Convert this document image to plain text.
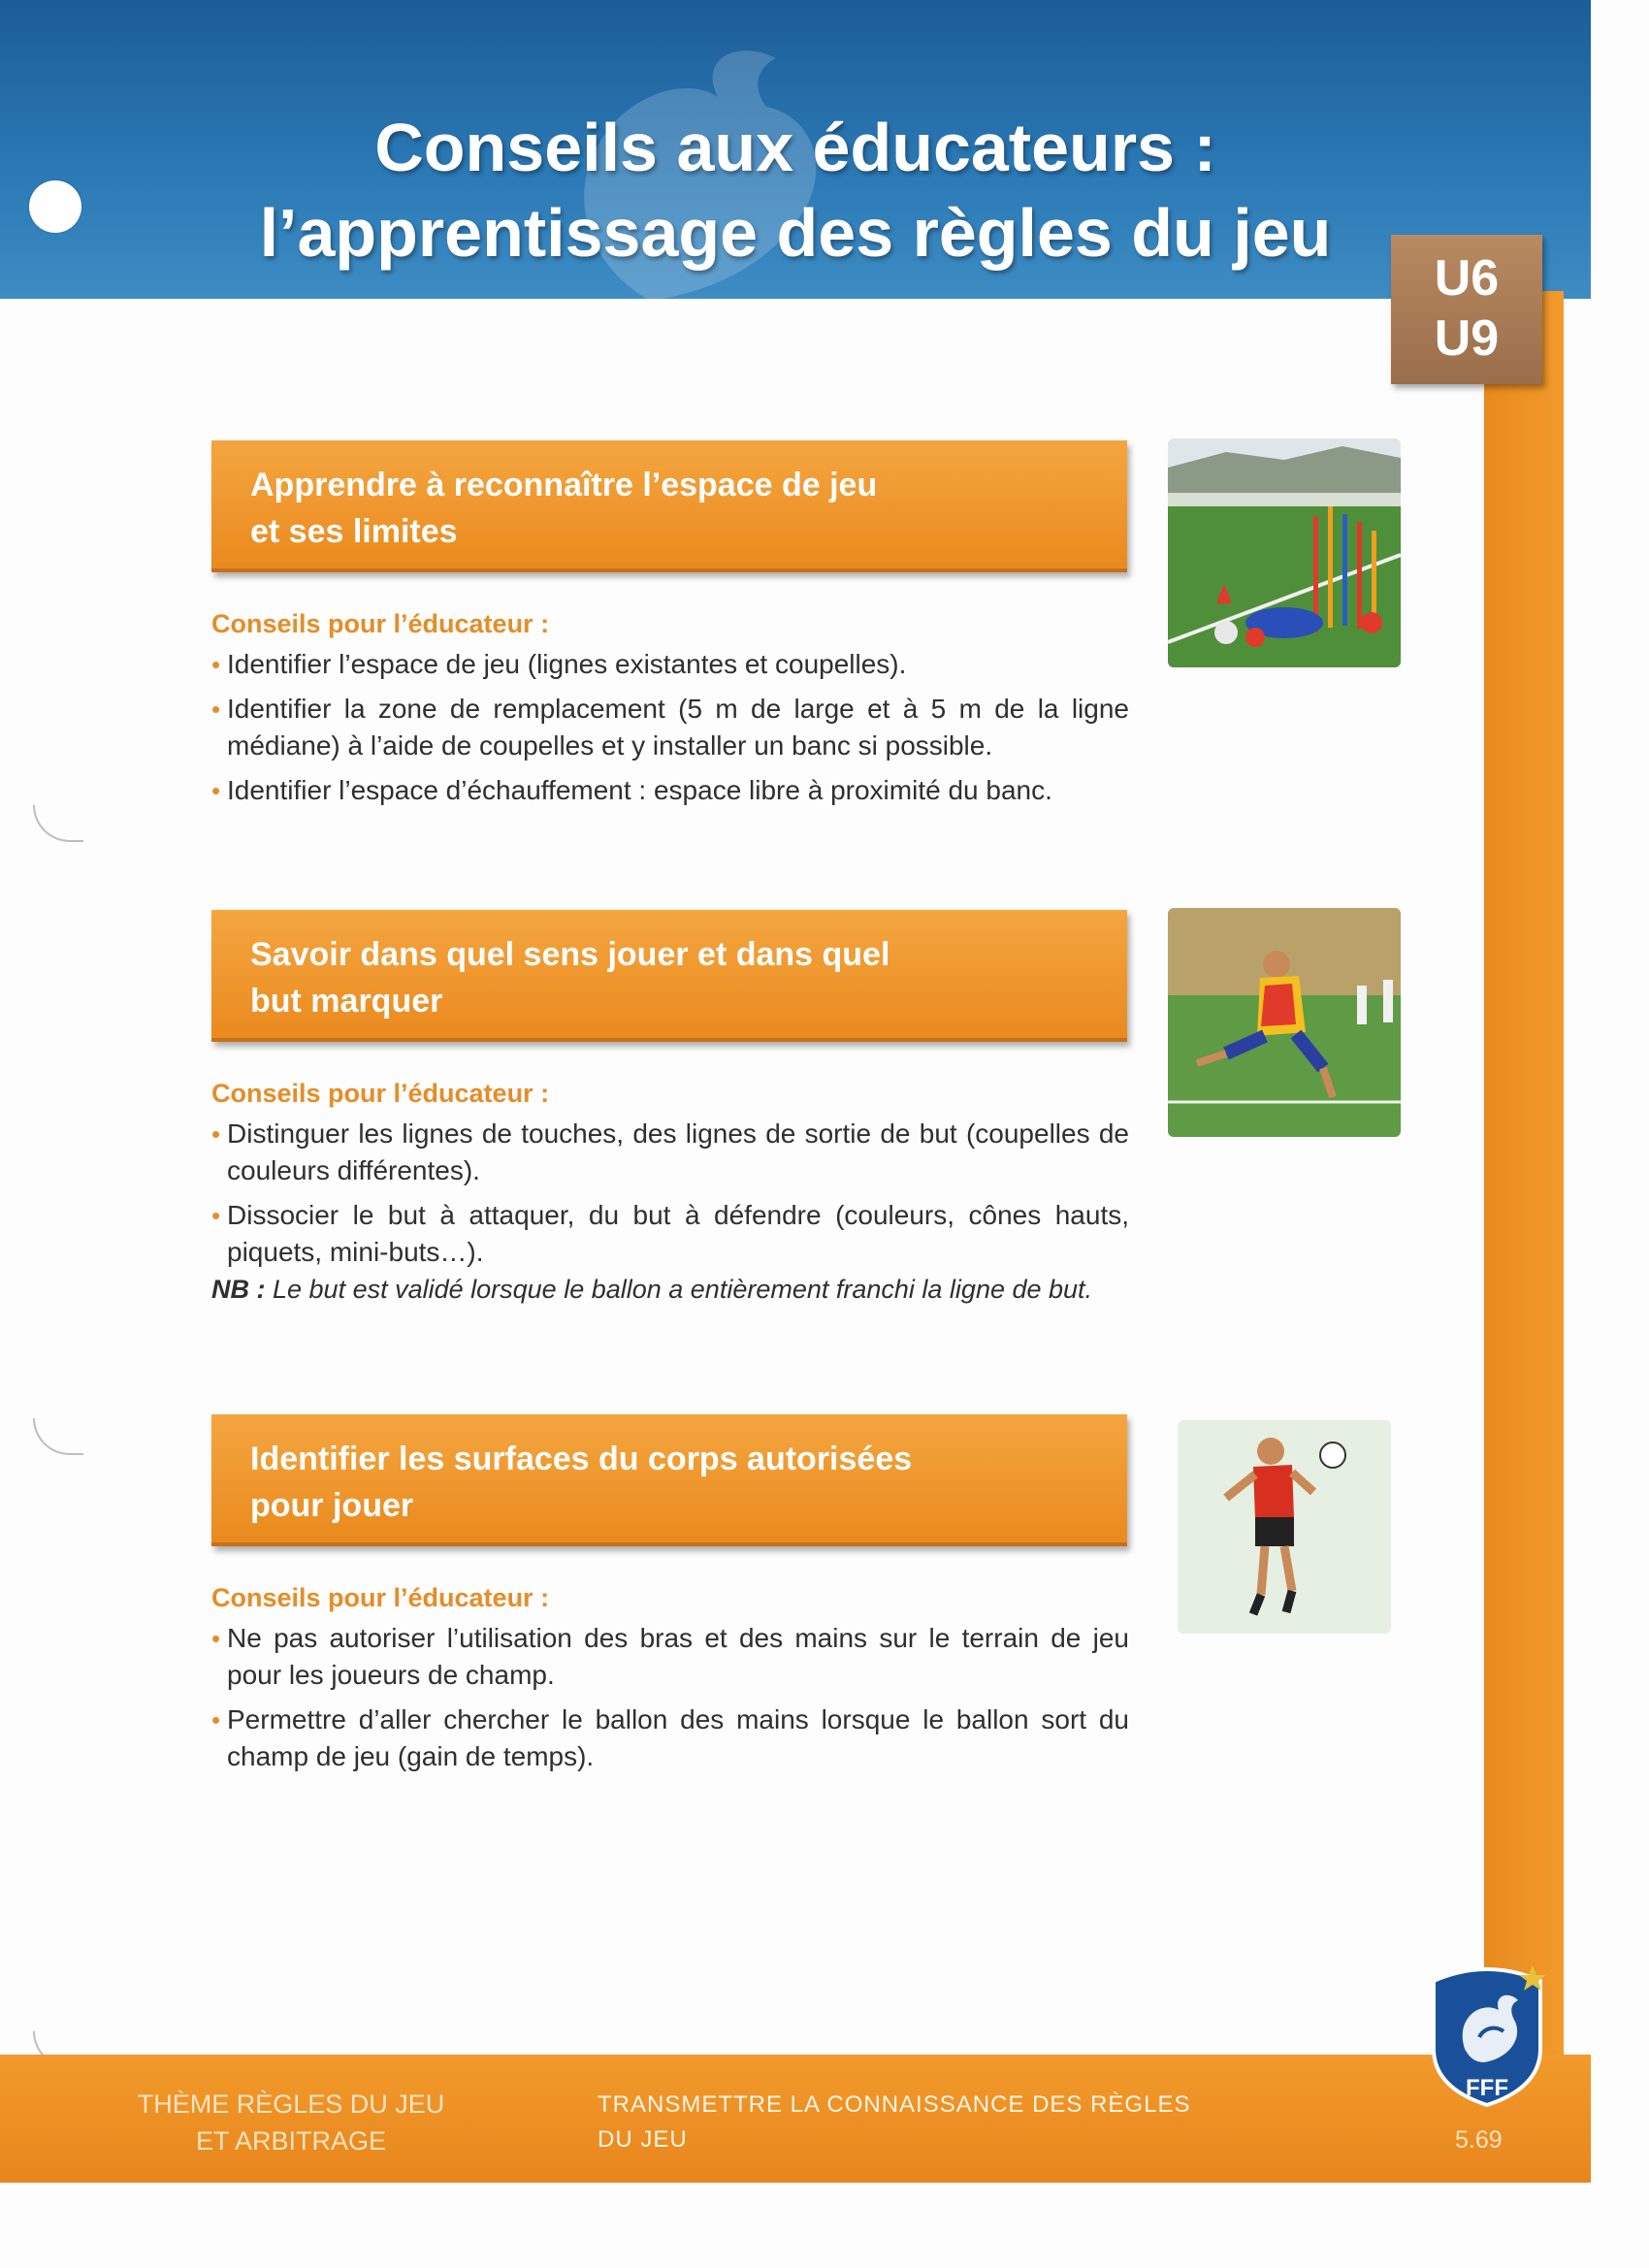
Conseils aux éducateurs :
l’apprentissage des règles du jeu
U6
U9
Apprendre à reconnaître l’espace de jeu
et ses limites
Conseils pour l’éducateur :
• Identifier l’espace de jeu (lignes existantes et coupelles).
• Identifier la zone de remplacement (5 m de large et à 5 m de la ligne médiane) à l’aide de coupelles et y installer un banc si possible.
• Identifier l’espace d’échauffement : espace libre à proximité du banc.
Savoir dans quel sens jouer et dans quel
but marquer
Conseils pour l’éducateur :
• Distinguer les lignes de touches, des lignes de sortie de but (coupelles de couleurs différentes).
• Dissocier le but à attaquer, du but à défendre (couleurs, cônes hauts, piquets, mini-buts…).
NB : Le but est validé lorsque le ballon a entièrement franchi la ligne de but.
Identifier les surfaces du corps autorisées
pour jouer
Conseils pour l’éducateur :
• Ne pas autoriser l’utilisation des bras et des mains sur le terrain de jeu pour les joueurs de champ.
• Permettre d’aller chercher le ballon des mains lorsque le ballon sort du champ de jeu (gain de temps).
THÈME RÈGLES DU JEU
ET ARBITRAGE
TRANSMETTRE LA CONNAISSANCE DES RÈGLES
DU JEU
FFF
5.69
